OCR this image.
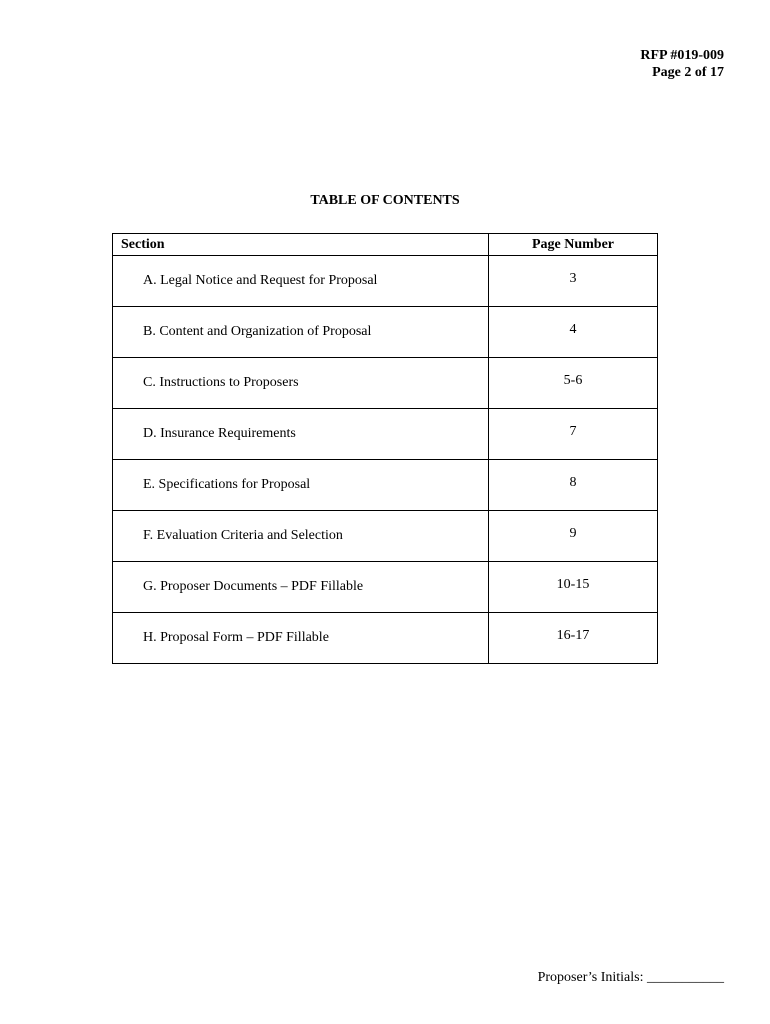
RFP #019-009
Page 2 of 17
TABLE OF CONTENTS
Section	Page Number
A. Legal Notice and Request for Proposal	3
B. Content and Organization of Proposal	4
C. Instructions to Proposers	5-6
D. Insurance Requirements	7
E. Specifications for Proposal	8
F. Evaluation Criteria and Selection	9
G. Proposer Documents – PDF Fillable	10-15
H. Proposal Form – PDF Fillable	16-17
Proposer’s Initials: ___________
